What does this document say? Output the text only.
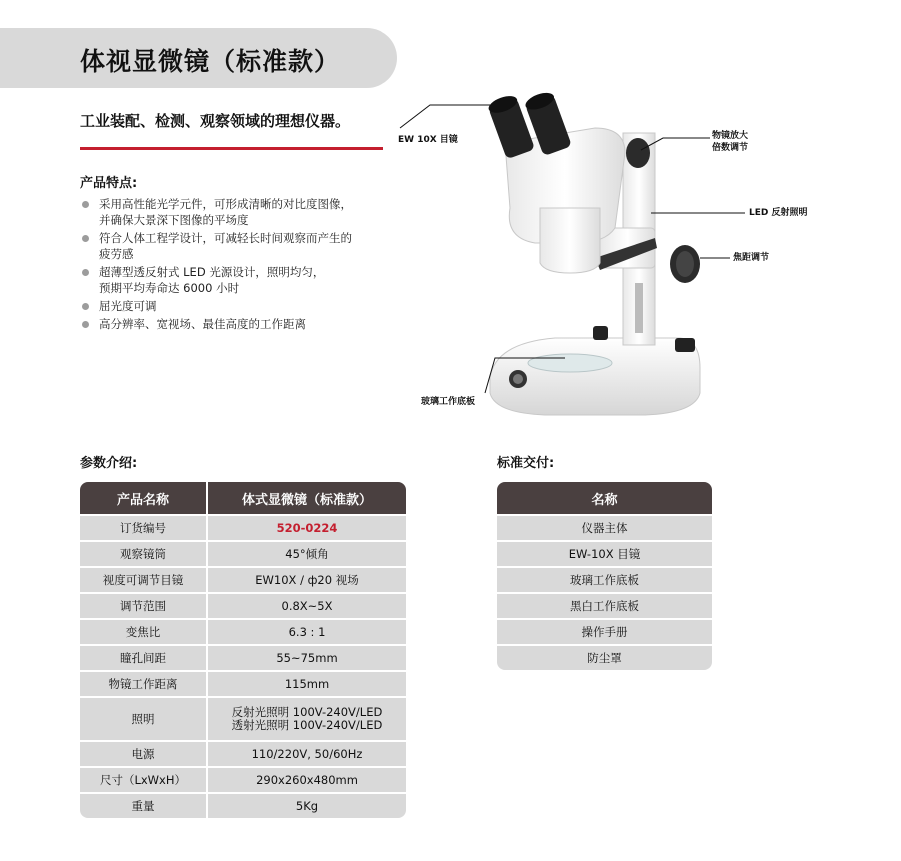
体视显微镜（标准款）
工业装配、检测、观察领域的理想仪器。
产品特点:
采用高性能光学元件，可形成清晰的对比度图像，
并确保大景深下图像的平场度
符合人体工程学设计，可减轻长时间观察而产生的
疲劳感
超薄型透反射式 LED 光源设计，照明均匀，
预期平均寿命达 6000 小时
屈光度可调
高分辨率、宽视场、最佳高度的工作距离
EW 10X 目镜	物镜放大
倍数调节
LED 反射照明
焦距调节
玻璃工作底板
参数介绍:
产品名称	体式显微镜（标准款）
订货编号	520-0224
观察镜筒	45°倾角
视度可调节目镜	EW10X / ф20 视场
调节范围	0.8X~5X
变焦比	6.3 : 1
瞳孔间距	55~75mm
物镜工作距离	115mm
照明	反射光照明 100V-240V/LED
透射光照明 100V-240V/LED

电源	110/220V, 50/60Hz
尺寸（LxWxH）	290x260x480mm
重量	5Kg
标准交付:
名称
仪器主体
EW-10X 目镜
玻璃工作底板
黑白工作底板
操作手册
防尘罩
